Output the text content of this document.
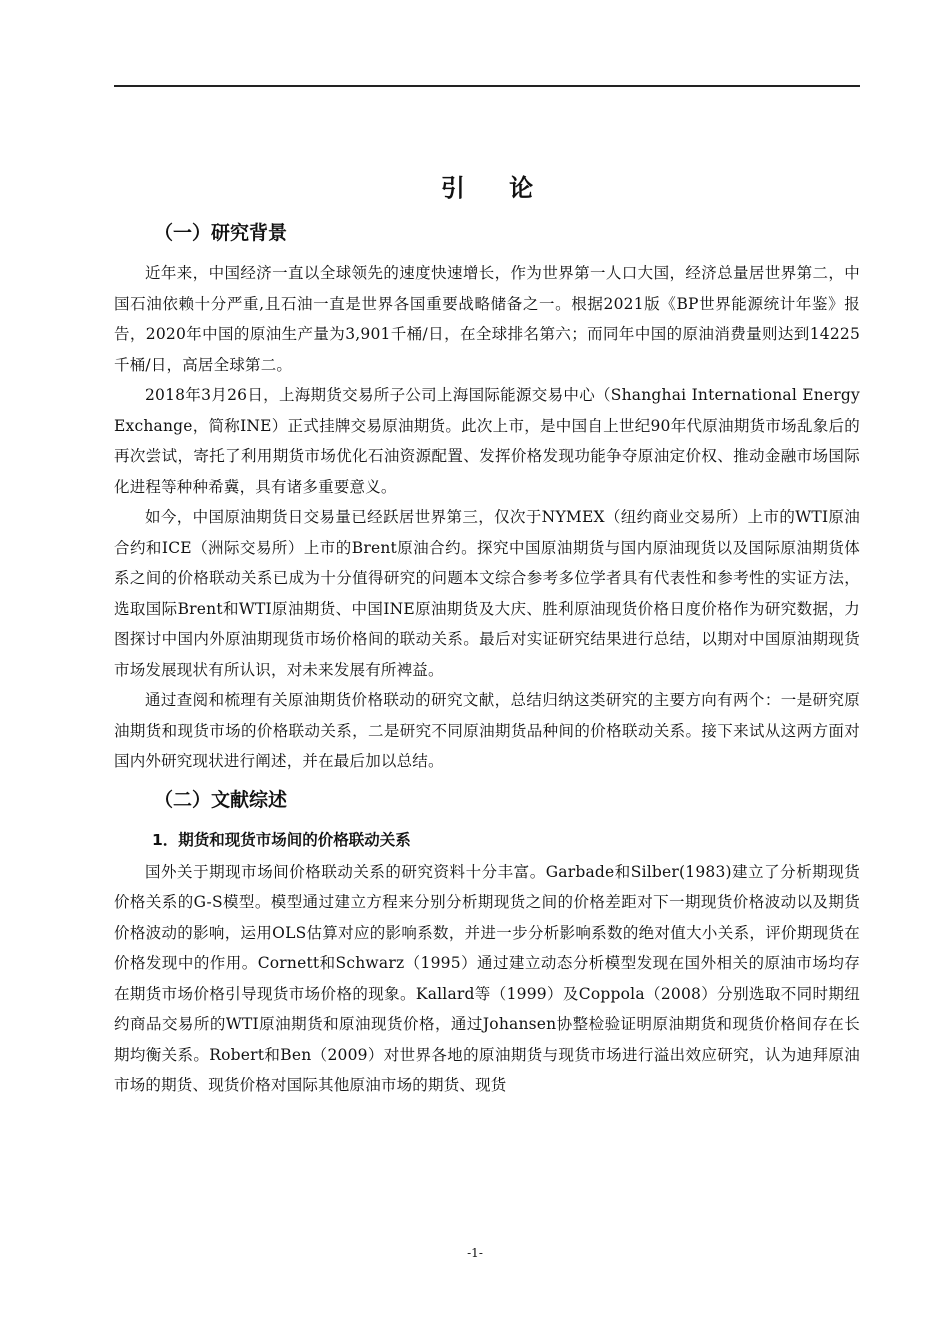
引 论
（一）研究背景

近年来，中国经济一直以全球领先的速度快速增长，作为世界第一人口大国，经济总量居世界第二，中国石油依赖十分严重,且石油一直是世界各国重要战略储备之一。根据2021版《BP世界能源统计年鉴》报告，2020年中国的原油生产量为3,901千桶/日，在全球排名第六；而同年中国的原油消费量则达到14225千桶/日，高居全球第二。

2018年3月26日，上海期货交易所子公司上海国际能源交易中心（Shanghai International Energy Exchange，简称INE）正式挂牌交易原油期货。此次上市，是中国自上世纪90年代原油期货市场乱象后的再次尝试，寄托了利用期货市场优化石油资源配置、发挥价格发现功能争夺原油定价权、推动金融市场国际化进程等种种希冀，具有诸多重要意义。

如今，中国原油期货日交易量已经跃居世界第三，仅次于NYMEX（纽约商业交易所）上市的WTI原油合约和ICE（洲际交易所）上市的Brent原油合约。探究中国原油期货与国内原油现货以及国际原油期货体系之间的价格联动关系已成为十分值得研究的问题本文综合参考多位学者具有代表性和参考性的实证方法，选取国际Brent和WTI原油期货、中国INE原油期货及大庆、胜利原油现货价格日度价格作为研究数据，力图探讨中国内外原油期现货市场价格间的联动关系。最后对实证研究结果进行总结，以期对中国原油期现货市场发展现状有所认识，对未来发展有所裨益。

通过查阅和梳理有关原油期货价格联动的研究文献，总结归纳这类研究的主要方向有两个：一是研究原油期货和现货市场的价格联动关系，二是研究不同原油期货品种间的价格联动关系。接下来试从这两方面对国内外研究现状进行阐述，并在最后加以总结。

（二）文献综述
1．期货和现货市场间的价格联动关系

国外关于期现市场间价格联动关系的研究资料十分丰富。Garbade和Silber(1983)建立了分析期现货价格关系的G-S模型。模型通过建立方程来分别分析期现货之间的价格差距对下一期现货价格波动以及期货价格波动的影响，运用OLS估算对应的影响系数，并进一步分析影响系数的绝对值大小关系，评价期现货在价格发现中的作用。Cornett和Schwarz（1995）通过建立动态分析模型发现在国外相关的原油市场均存在期货市场价格引导现货市场价格的现象。Kallard等（1999）及Coppola（2008）分别选取不同时期纽约商品交易所的WTI原油期货和原油现货价格，通过Johansen协整检验证明原油期货和现货价格间存在长期均衡关系。Robert和Ben（2009）对世界各地的原油期货与现货市场进行溢出效应研究，认为迪拜原油市场的期货、现货价格对国际其他原油市场的期货、现货

-1-
